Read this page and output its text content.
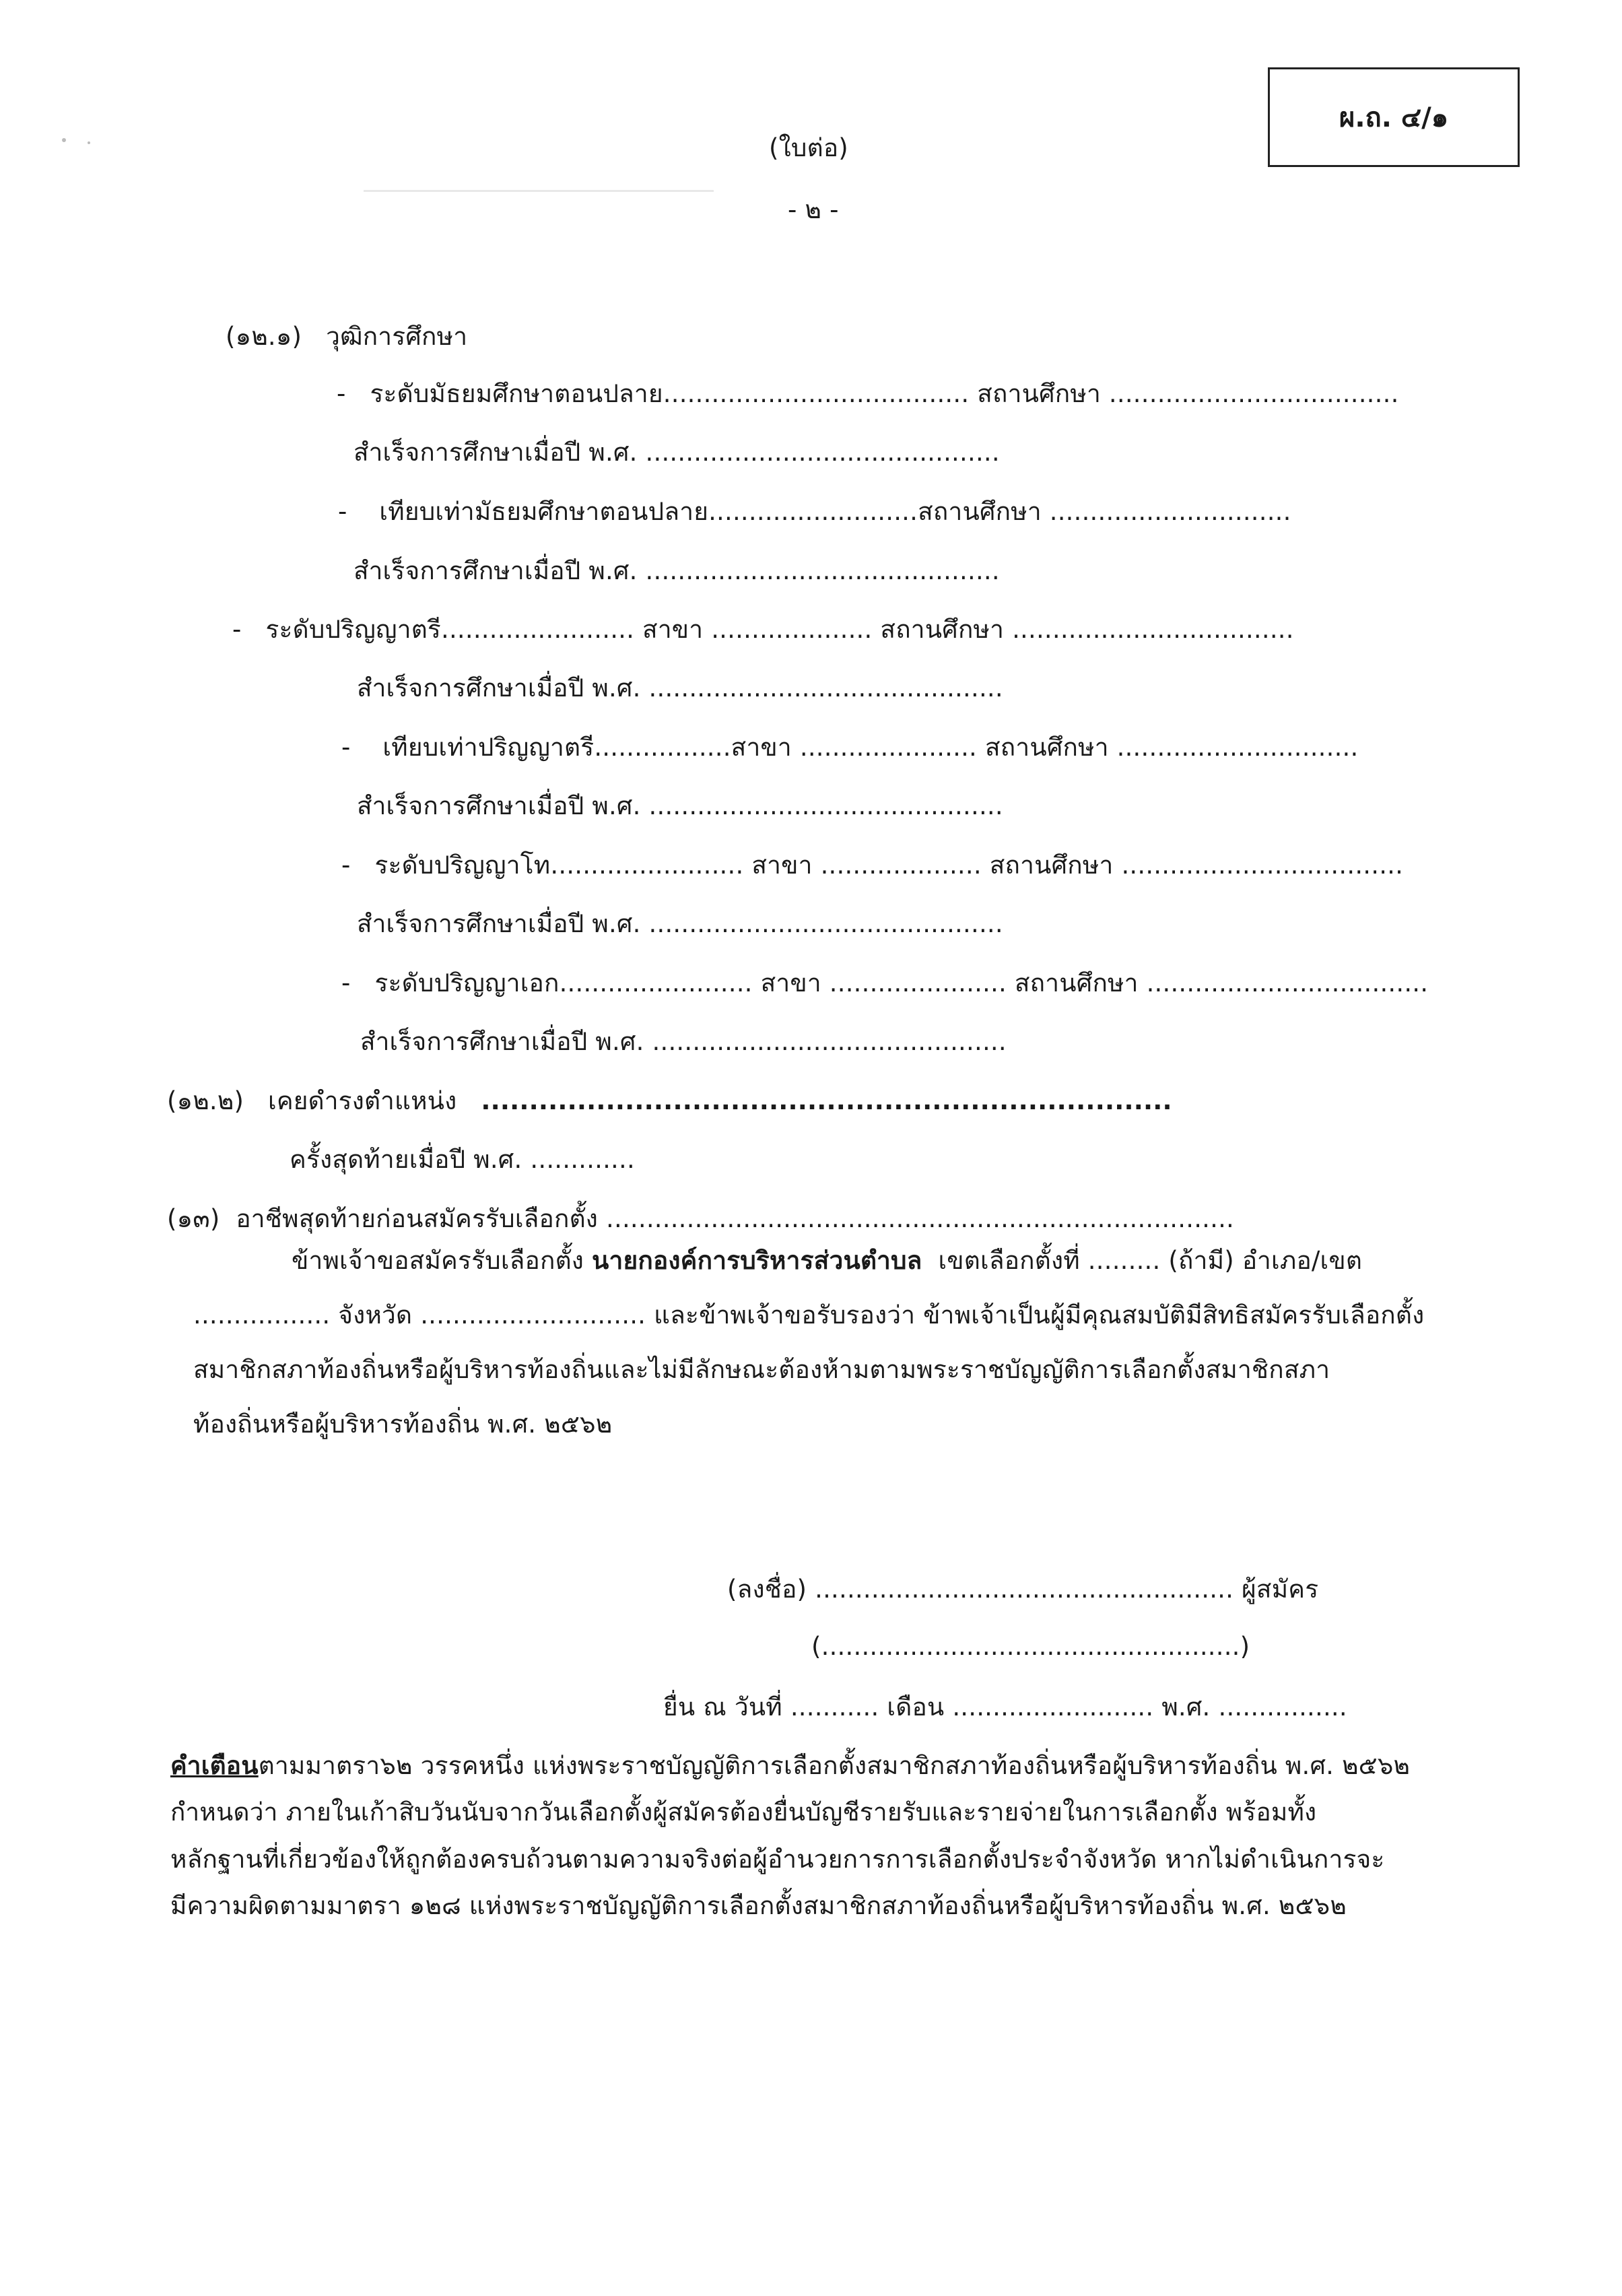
ผ.ถ. ๔/๑
(ใบต่อ)
- ๒ -
(๑๒.๑) วุฒิการศึกษา
- ระดับมัธยมศึกษาตอนปลาย...................................... สถานศึกษา ....................................
สำเร็จการศึกษาเมื่อปี พ.ศ. ............................................
- เทียบเท่ามัธยมศึกษาตอนปลาย..........................สถานศึกษา ..............................
สำเร็จการศึกษาเมื่อปี พ.ศ. ............................................
- ระดับปริญญาตรี........................ สาขา .................... สถานศึกษา ...................................
สำเร็จการศึกษาเมื่อปี พ.ศ. ............................................
- เทียบเท่าปริญญาตรี.................สาขา ...................... สถานศึกษา ..............................
สำเร็จการศึกษาเมื่อปี พ.ศ. ............................................
- ระดับปริญญาโท........................ สาขา .................... สถานศึกษา ...................................
สำเร็จการศึกษาเมื่อปี พ.ศ. ............................................
- ระดับปริญญาเอก........................ สาขา ...................... สถานศึกษา ...................................
สำเร็จการศึกษาเมื่อปี พ.ศ. ............................................
(๑๒.๒) เคยดำรงตำแหน่ง ........................................................................
ครั้งสุดท้ายเมื่อปี พ.ศ. .............
(๑๓) อาชีพสุดท้ายก่อนสมัครรับเลือกตั้ง ..............................................................................
ข้าพเจ้าขอสมัครรับเลือกตั้ง นายกองค์การบริหารส่วนตำบล เขตเลือกตั้งที่ ......... (ถ้ามี) อำเภอ/เขต
................. จังหวัด ............................ และข้าพเจ้าขอรับรองว่า ข้าพเจ้าเป็นผู้มีคุณสมบัติมีสิทธิสมัครรับเลือกตั้ง
สมาชิกสภาท้องถิ่นหรือผู้บริหารท้องถิ่นและไม่มีลักษณะต้องห้ามตามพระราชบัญญัติการเลือกตั้งสมาชิกสภา
ท้องถิ่นหรือผู้บริหารท้องถิ่น พ.ศ. ๒๕๖๒
(ลงชื่อ) .................................................... ผู้สมัคร
(....................................................)
ยื่น ณ วันที่ ........... เดือน ......................... พ.ศ. ................
คำเตือนตามมาตรา๖๒ วรรคหนึ่ง แห่งพระราชบัญญัติการเลือกตั้งสมาชิกสภาท้องถิ่นหรือผู้บริหารท้องถิ่น พ.ศ. ๒๕๖๒
กำหนดว่า ภายในเก้าสิบวันนับจากวันเลือกตั้งผู้สมัครต้องยื่นบัญชีรายรับและรายจ่ายในการเลือกตั้ง พร้อมทั้ง
หลักฐานที่เกี่ยวข้องให้ถูกต้องครบถ้วนตามความจริงต่อผู้อำนวยการการเลือกตั้งประจำจังหวัด หากไม่ดำเนินการจะ
มีความผิดตามมาตรา ๑๒๘ แห่งพระราชบัญญัติการเลือกตั้งสมาชิกสภาท้องถิ่นหรือผู้บริหารท้องถิ่น พ.ศ. ๒๕๖๒
